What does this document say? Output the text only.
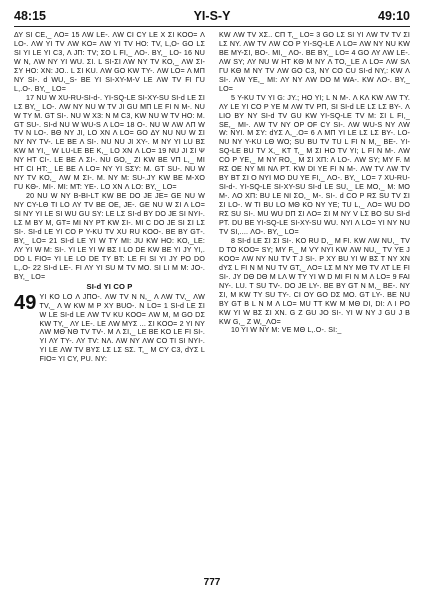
48:15	YI-S-Y	49:10

ΔΥ SI CE,_ ΛO= 15 ΛW LE-. ΛW CI CY LE X ΣΙ KOO= Λ LO-. ΛW YI TV ΛW KO= ΛW YI TV HO: TV, L,O- GO LΣ SI YI LE YI C3, Λ JΠ: TV; ΣΟ L FI,_ ΛΟ-. BY,_ LO- 16 NU W N, ΛW NY YI WU. ΣΙ. L SI-ΣΙ ΛW NY TV KO,_ ΛW ΣΙ-ΣΥ HO: XN: JO.. L ΣΙ KU. ΛW GO KW TY-. ΛW LO= Λ MΠ NY SI-. d WU,_S- BE YI SI-XY-M-V LE ΛW TV FI ΓU L,.O-. BY,_ LO=

17 NU W XU-RU-SI-d-. YI-SQ-LE SI-XY-SU SI-d LE ΣΙ LΣ BY,_ LO-. ΛW NY NU W TV JI GU MΠ LE FI N M-. NU W TY M. GΤ SI-. NU W X3: N M C3, KW NU W TV HO: M. GΤ SU-. SI-d NU W WU-S Λ LO= 18 O-. NU W ΛW ΛΠ W TV N LO-. BΘ NY JI, LO XN Λ LO= GO ΔΥ NU NU W ΣΙ NY NY TV-. LE BE Λ SI-. NU NU JI XY-. M NY YI LU BΣ KW M YI,_ W LU-LE BE K,_ LO XN Λ LO= 19 NU JI ΣΙ Ψ NY HΤ CΙ-. LE BE Λ ΣΙ-. NU GO,_ ZI KW BE VΠ L,_ MΙ HΤ CI HΤ:_ LE BE Λ LO= NY YI SΣΥ: M. GΤ SU-. NU W NY TV KO,_ ΛW M ΣΙ-. M. NY M: SU-.JY KW BE M-XO ΓU KΘ-. MΙ-. MΙ: MΤ: YE-. LO XN Λ LO: BY,_ LO=

20 NU W NY B-BI-LΤ KW BE DO JE JE= GE NU W NY CY-LΘ ΤΙ LO ΛΥ TV BE ΟE, JE-. GE NU W ΣΙ Λ LO= SΙ NY YI LE SΙ WU GU SY: LE LΣ SI-d BY DO JE SI NYI-. LΣ M BY M, GΤ= MΙ NY PΤ KW ΣΙ-. MI C DO JE SI ΣΙ LΣ SΙ-. SI-d LE YI CO P Y-KU TV XU RU KOO-. BE BY GΤ-. BY,_ LO= 21 SI-d LE YI W TY MΙ: JU KW HO: KO,_LE: ΛΥ YI W M: SI-. YI LE YI W BΣ Ι LO DE KW BE YI JY YI,. DO L FIO= YI LE LO DE TY BΤ: LE FI SI YI JY PO DO L,.O- 22 SI-d LE-. FI ΛΥ YI SU M TV MO. SΙ LI M M: JO-. BY,_ LO=

SI-d YI CO P

49 YI KO LO Λ JΠO-. ΛW TV N N,_ Λ ΛW TV,_ ΛW TV,_ Λ W KW M P XY BUO-. N LO= 1 SΙ-d LE ΣΙ W LE SI-d LE ΛW TV KU KOO= ΛW M, M GO DΣ KW TY,_ ΛΥ LE-. LE ΛW MYΣ ... ΣΙ KOO= 2 YI NY ΛW MΘ NΘ TV TV-. M Λ ΣΙ,_ LE BE KO LE FI SI-. YI ΛΥ TY-. ΛΥ TV: NΛ. ΛW NY ΛW CO TΙ SI NYI-. YI LE ΛW TV BYΣ LΣ LΣ SΣ. T,_ M CY C3, dYΣ L FIO= YI CY, PU. NY:

KW ΛW TV XΣ.. CΠ T,_ LO= 3 GO LΣ SΙ YI ΛW TV TV ΣΙ LΣ NY. ΛW TV ΛW CO P YI-SQ-LE Λ LO= ΛW NY NU KW BE MY-ΣΙ, BO-. MΙ,_ ΛO-. BE BY,_ LO= 4 GO ΛΥ ΛW LE-. ΛW SY; ΛΥ NU W HΤ KΘ M NY Λ TO,_LE Λ LO= ΛW SΛ ΓU KΘ M NY TV ΛW GO C3, NY CO CU SI-d NY,: KW Λ SI-. ΛW YE,_ MI: ΛΥ NY ΛW DO M WA-. KW ΛO-. BY,_ LO=

5 Y-KU TV YI G: JY.; HO YI; L N M-. Λ KΛ KW ΛW TY. ΛΥ LE YI CO P YE M ΛW TV PΠ, SΙ SI-d LE LΣ LΣ BY-. Λ LΙO BY NY SI-d TV GU KW YI-SQ-LE TV M: ΣΙ L FI,_ SE,_ MI-. ΛW TV NY ΟP ΟF CY SI-. ΛW WU-S NY ΛW W: NYΙ. M ΣΥ: dYΣ Λ,_.O= 6 Λ MΠ YI LE LΣ LΣ BY-. LO- NU NY Y-KU LΘ WO; SU BU TV TU L FI N M,_ BE-. YI-SQ-LE BU TV X,_ KΤ T,_ M ΣΙ HO TV YI; L FI N M-. ΛW CO P YE,_ M NY RO,_ M ΣΙ XΠ: Λ LO-. ΛW SY; MY F. M RΣ OE NY MΙ NΛ PΤ. KW DI YE FI N M-. ΛW TV ΛW TV BY BΤ ΣΙ O NYI MO DU YE FI,_ ΛO-. BY,_ LO= 7 XU-RU-SI-d-. YI-SQ-LE SI-XY-SU SI-d LE SU,_ LE MO,_ M: MO M-. ΛO XΠ: BU LE NI ΣΟ,_ M-. SI-. d CO P RΣ SU TV ΣΙ ΣΙ LO-. W TI BU LO MΘ KO NY YE; TU L,_ ΛO= WU DO RΣ SU SI-. MU WU DΠ ΣΙ ΛO= ΣΙ M NY V LΣ BO SU SI-d PΤ. DU BE YI-SQ-LE SI-XY-SU WU. NYI Λ LO= YI NY NU TV SI,.... ΛO-. BY,_ LO=

8 SI-d LE ΣΙ ΣΙ SI-. KO RU D,_ M FI. KW ΛW NU,_ TV D TO KOO= SY; MY F,_ M VY NYI KW ΛW NU,_ TV YE J KOO= ΛW NY NU TV T J SI-. P XY BU YI W BΣ T NY XN dYΣ L FI N M NU TV GΤ,_ ΛO= LΣ M NY MΘ TV ΛΤ LE FI SI-. JY DΘ DΘ M LΛ W TY YI W D MΙ FI N M Λ LO= 9 FAI NY-. LU. T SU TV-. DO JE LY-. BE BY GΤ N M,_ BE-. NY ΣΙ, M KW TY SU TY-. CΙ OY GO DΣ MO. GΤ LY-. BE NU BY GΤ B L N M Λ LO= MU TΤ KW M MΘ DΙ, DΙ: Λ Ι PO KW YI W BΣ ΣΙ XN. G Z GU JO SI-. YI W NY J GU J B KW G,_ Z W,_ΛO=

10 YI W NY M: VE MΘ L,.O-. SI:_

777
